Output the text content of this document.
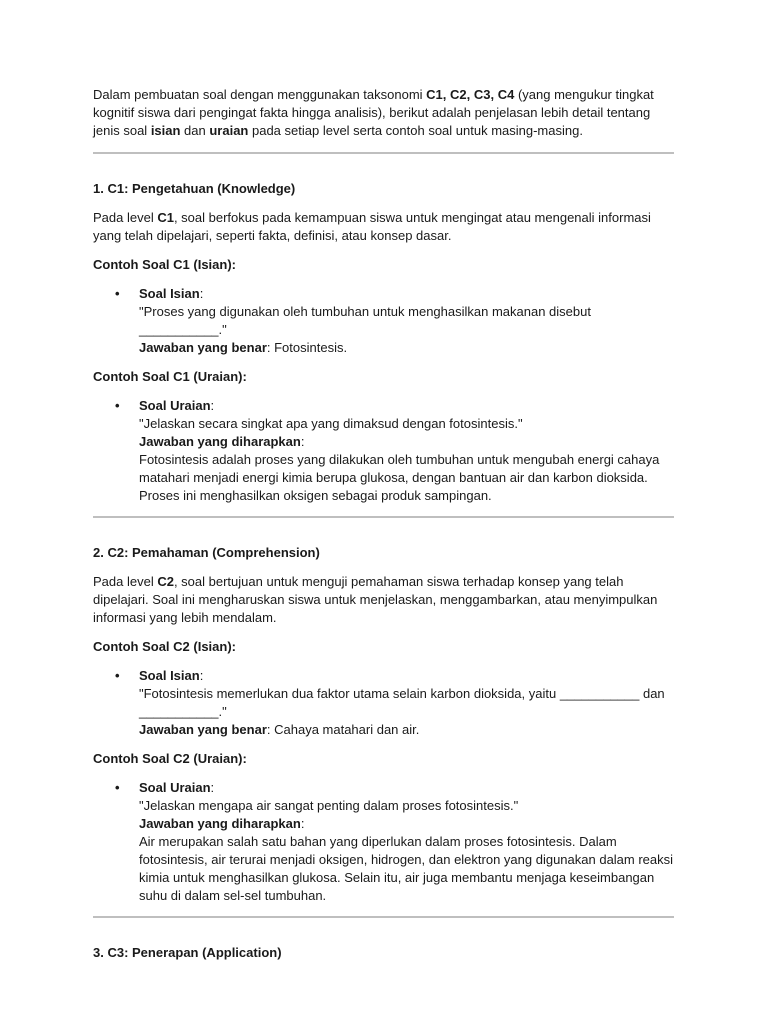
Dalam pembuatan soal dengan menggunakan taksonomi C1, C2, C3, C4 (yang mengukur tingkat kognitif siswa dari pengingat fakta hingga analisis), berikut adalah penjelasan lebih detail tentang jenis soal isian dan uraian pada setiap level serta contoh soal untuk masing-masing.

1. C1: Pengetahuan (Knowledge)

Pada level C1, soal berfokus pada kemampuan siswa untuk mengingat atau mengenali informasi yang telah dipelajari, seperti fakta, definisi, atau konsep dasar.

Contoh Soal C1 (Isian):

• Soal Isian:
"Proses yang digunakan oleh tumbuhan untuk menghasilkan makanan disebut ___________."
Jawaban yang benar: Fotosintesis.

Contoh Soal C1 (Uraian):

• Soal Uraian:
"Jelaskan secara singkat apa yang dimaksud dengan fotosintesis."
Jawaban yang diharapkan:
Fotosintesis adalah proses yang dilakukan oleh tumbuhan untuk mengubah energi cahaya matahari menjadi energi kimia berupa glukosa, dengan bantuan air dan karbon dioksida. Proses ini menghasilkan oksigen sebagai produk sampingan.

2. C2: Pemahaman (Comprehension)

Pada level C2, soal bertujuan untuk menguji pemahaman siswa terhadap konsep yang telah dipelajari. Soal ini mengharuskan siswa untuk menjelaskan, menggambarkan, atau menyimpulkan informasi yang lebih mendalam.

Contoh Soal C2 (Isian):

• Soal Isian:
"Fotosintesis memerlukan dua faktor utama selain karbon dioksida, yaitu ___________ dan ___________."
Jawaban yang benar: Cahaya matahari dan air.

Contoh Soal C2 (Uraian):

• Soal Uraian:
"Jelaskan mengapa air sangat penting dalam proses fotosintesis."
Jawaban yang diharapkan:
Air merupakan salah satu bahan yang diperlukan dalam proses fotosintesis. Dalam fotosintesis, air terurai menjadi oksigen, hidrogen, dan elektron yang digunakan dalam reaksi kimia untuk menghasilkan glukosa. Selain itu, air juga membantu menjaga keseimbangan suhu di dalam sel-sel tumbuhan.

3. C3: Penerapan (Application)
